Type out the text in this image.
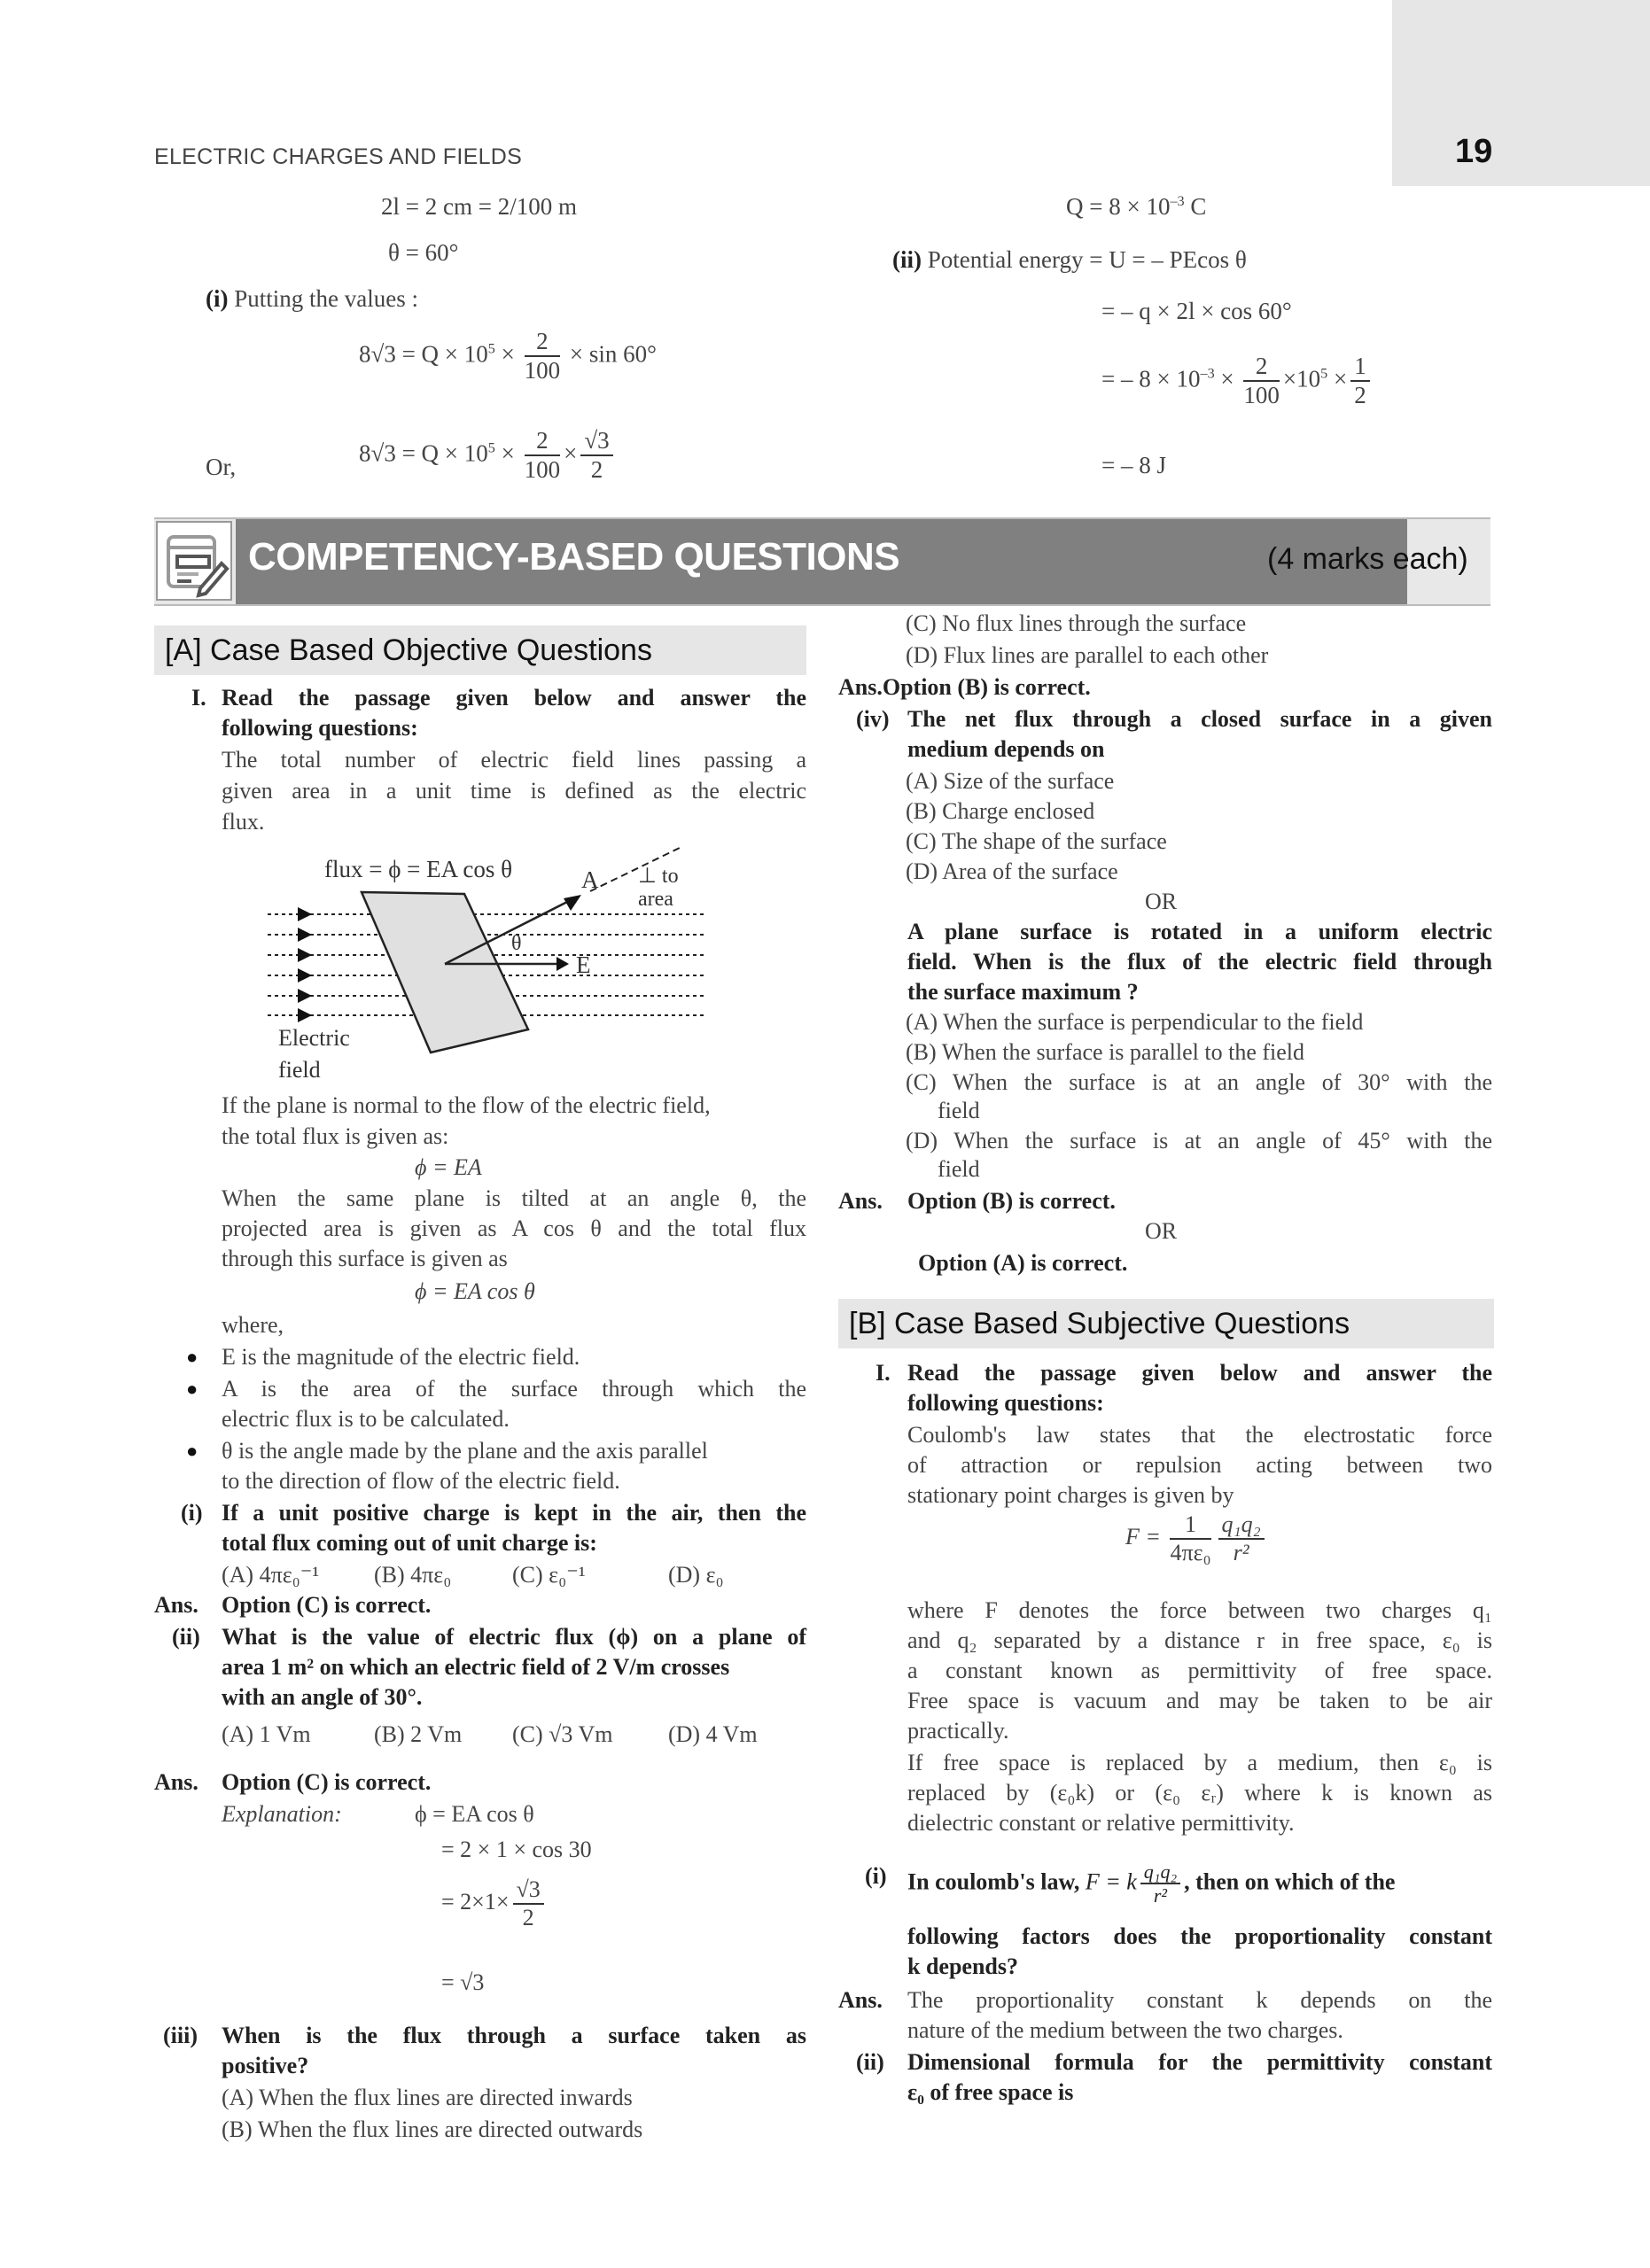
19
ELECTRIC CHARGES AND FIELDS
2l = 2 cm = 2/100 m
θ = 60°
(i) Putting the values :
$8√3 = Q \times 10^5 \times \frac{2}{100} \times \sin 60^\circ$
Or,
$8√3 = Q \times 10^5 \times \frac{2}{100} \times \frac{√3}{2}$
$Q = 8 \times 10^{-3}$ C
(ii) Potential energy = U = – PEcos θ
= – q × 2l × cos 60°
= – $8 \times 10^{-3} \times \frac{2}{100} \times 10^5 \times \frac{1}{2}$
= – 8 J
COMPETENCY-BASED QUESTIONS	(4 marks each)
[A] Case Based Objective Questions
I. Read the passage given below and answer the
following questions:
The total number of electric field lines passing a
given area in a unit time is defined as the electric
flux.
flux = ϕ = EA cos θ	A ⊥ to
area
θ
E
Electric
field
If the plane is normal to the flow of the electric field,
the total flux is given as:
ϕ = EA
When the same plane is tilted at an angle θ, the
projected area is given as A cos θ and the total flux
through this surface is given as
ϕ = EA cos θ
where,
● E is the magnitude of the electric field.
● A is the area of the surface through which the
electric flux is to be calculated.
● θ is the angle made by the plane and the axis parallel
to the direction of flow of the electric field.
(i) If a unit positive charge is kept in the air, then the
total flux coming out of unit charge is:
(A) 4πε₀⁻¹ (B) 4πε₀	(C) ε₀⁻¹	(D) ε₀
Ans. Option (C) is correct.
(ii) What is the value of electric flux (ϕ) on a plane of
area 1 m² on which an electric field of 2 V/m crosses
with an angle of 30°.
(A) 1 Vm	(B) 2 Vm (C) √3 Vm (D) 4 Vm
Ans. Option (C) is correct.
Explanation:	ϕ = EA cos θ
= 2 × 1 × cos 30
= $2\times 1\times \frac{√3}{2}$
= √3
(iii) When is the flux through a surface taken as
positive?
(A) When the flux lines are directed inwards
(B) When the flux lines are directed outwards
(C) No flux lines through the surface
(D) Flux lines are parallel to each other
Ans.Option (B) is correct.
(iv) The net flux through a closed surface in a given
medium depends on
(A) Size of the surface
(B) Charge enclosed
(C) The shape of the surface
(D) Area of the surface
OR
A plane surface is rotated in a uniform electric
field. When is the flux of the electric field through
the surface maximum ?
(A) When the surface is perpendicular to the field
(B) When the surface is parallel to the field
(C) When the surface is at an angle of 30° with the
field
(D) When the surface is at an angle of 45° with the
field
Ans. Option (B) is correct.
OR
Option (A) is correct.
[B] Case Based Subjective Questions
I. Read the passage given below and answer the
following questions:
Coulomb's law states that the electrostatic force
of attraction or repulsion acting between two
stationary point charges is given by
$F = \frac{1}{\text{4πε₀}} \frac{\text{q₁q₂}}{\text{r²}}$
where F denotes the force between two charges q₁
and q₂ separated by a distance r in free space, ε₀ is
a constant known as permittivity of free space.
Free space is vacuum and may be taken to be air
practically.
If free space is replaced by a medium, then ε₀ is
replaced by (ε₀k) or (ε₀ εᵣ) where k is known as
dielectric constant or relative permittivity.
(i) In coulomb's law, F = k $\frac{\text{q₁q₂}}{\text{r²}}$ , then on which of the
following factors does the proportionality constant
k depends?
Ans. The proportionality constant k depends on the
nature of the medium between the two charges.
(ii) Dimensional formula for the permittivity constant
ε₀ of free space is
